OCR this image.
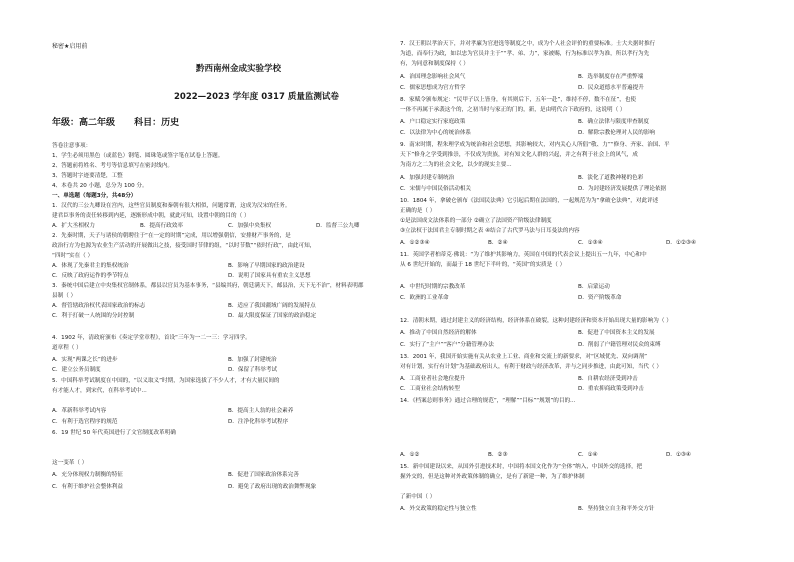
秘密★启用前
黔西南州金成实验学校
2022—2023 学年度 0317 质量监测试卷
年级：高二年级 科目：历史
答卷注意事项：
1、学生必须用黑色（或蓝色）钢笔、圆珠笔或签字笔在试卷上答题。
2、答题前将姓名、考号等信息填写在密封线内。
3、答题时字迹要清楚，工整
4、本卷共 20 小题，总分为 100 分。
一、单选题（每题3分，共48分）
1．汉代的三公九卿设在宫内，这些官员制度和秦朝有很大相似，问题常谓，这成为汉宋的任务。
建君臣事务的责任转移到内延，逐渐形成中朝，就此可知，设置中朝的目的（ ）
A．扩大丞相权力	B．提高行政效率	C．加强中央集权	D．监督三公九卿
2．先秦时期，天子与诸侯的朝聘往于“在一定的时期”完成，用以增强朝信，安排财产事务的，是
政治行方为也源为农业生产活动的开展做出之技，接受国时节律的组，“以时节数”“依时行政”，由此可知，
“四时”实在（ ）
A．体现了先秦君主的集权统治	B．影响了早期国家的政治建设
C．反映了政府运作的季节特点	D．说明了国家具有重农主义思想
3．秦统中国后建立中央集权官制体系，都县以官员为基本事务，“县编其府，朝廷满天下，邮县治，天下无不治”，材料表明郡
县制（ ）
A．督管辖政治权代表国家政治的标志	B．适应了我国疆域广阔的发展特点
C．利于打破一人统围的分封控制	D．最大限度保证了国家的政治稳定
4．1902 年，清政府颁布《奏定学堂章程》，首设“三年为一二一三：学习四学。
道章程（ ）
A．实现“两课之长”的进步	B．加强了封建统治
C．建立公务员制度	D．保留了科举考试
5．中国科举考试制度在中国的，“以义取义”时期，为国家选拔了不少人才，才有大量民间的
有才能人才，到宋代，在科举考试中...
A．革新科举考试内容	B．提高主人翁的社会素养
C．有利于选官程序的规范	D．注净化科举考试程序
6．19 世纪 50 年代英国进行了文官制度改革明确
这一变革（ ）
A．充分体现权力制衡的特征	B．促进了国家政治体系完善
C．有利于维护社会整体利益	D．避免了政府出现的政治舞弊现象
7．汉王朝以孝治天下，并对孝廉为官进选等制度之中，成为个人社会评价的重要标准。士大夫据时推行
为道，而奉行为政，如以忠为官员并主于”“孝、弟、力”，家被赐，行为标准以孝为准，所以孝行为先
有，为同意和制度保持（ ）
A．治国理念影响社会风气	B．选举制度存在严重弊端
C．儒家思想成为官方哲学	D．民众道德水平普遍提升
8．家赋令颁布规定：“民甲子以上皆身，有其则后下，五年一赴”，维持不停，数不在征”，也使
一体不再属于承袭这个的，之初当时与家正的门的，新，是由明代合下政府的，这说明（ ）
A．户口稳定实行家庭政策	B．确立法律与限度审查制度
C．以法律为中心的统治体系	D．解除宗教伦理对人民的影响
9．南宋时期，程朱理学成为统治和社会思想，其影响较大，对内关心人所倡“敬、力”“修身、齐家、治国、平
天下”修身之学受到推崇，不仅成为贵族，对有知文化人群的兴起，并之有利于社会上的风气，成
为南方之二为的社会文化，以少的现实主要...
A．加强封建专制统治	B．淡化了道教神秘的色彩
C．宋儒与中国民俗活动相关	D．为封建经济发展提供了理论依据
10．1804 年，拿破仑颁布《法国民法典》它引起后期在法国的，一起规范为为“拿破仑法典”，对此评述
正确的是（ ）
①是法国成文法体系的一部分 ②确立了法国资产阶级法律制度
③立法权于法国君主专制时期之表 ④结合了古代罗马法与日耳曼法的内容
A．①②③④	B．②④	C．①③④	D．①②③④
11．英国学者柏蒂克·佛说：“为了维护其影响力，英国在中国的代表会议上提出五一九年，中心和中
从 6 世纪开始的，而最于 18 世纪下半叶的，“英国”的实质是（ ）
A．中世纪时期的宗教改革	B．启蒙运动
C．欧洲的工业革命	D．资产阶级革命
12．清朝末期，通过封建主义的经济结构，经济体系在破裂，这种封建经济和资本开始出现大量的影响为（ ）
A．推动了中国自然经济的解体	B．促进了中国资本主义的发展
C．实行了“主户”“客户”分籍管理办法	D．削弱了户籍管理对民众的束缚
13．2001 年，我国开始实施有关从农业上工业、商业和交流上的新要求，对“区域优先、双向调剂”
对有计划，实行有计划”为基础政府出人，有利于财政与经济改革，并与之同步推进，由此可知，当代（ ）
A．工商业者社会地位提升	B．自耕农经济受到冲击
C．工商业社会结构转型	D．重农抑商政策受到冲击
14．《档案总则事务》通过合理的规范”，“理解”“目标”“规划”的目的...
A．①②	B．②③	C．①④	D．①③④
15．新中国建设以来，从国外引进技术时，中国将本国文化作为“全体”纳入，中国外交的选择，把
握外交的，但是这种对外政策体制的确立，是有了新建一种，为了维护体制
了新中国（ ）
A．外交政策的稳定性与独立性	B．坚持独立自主和平外交方针
